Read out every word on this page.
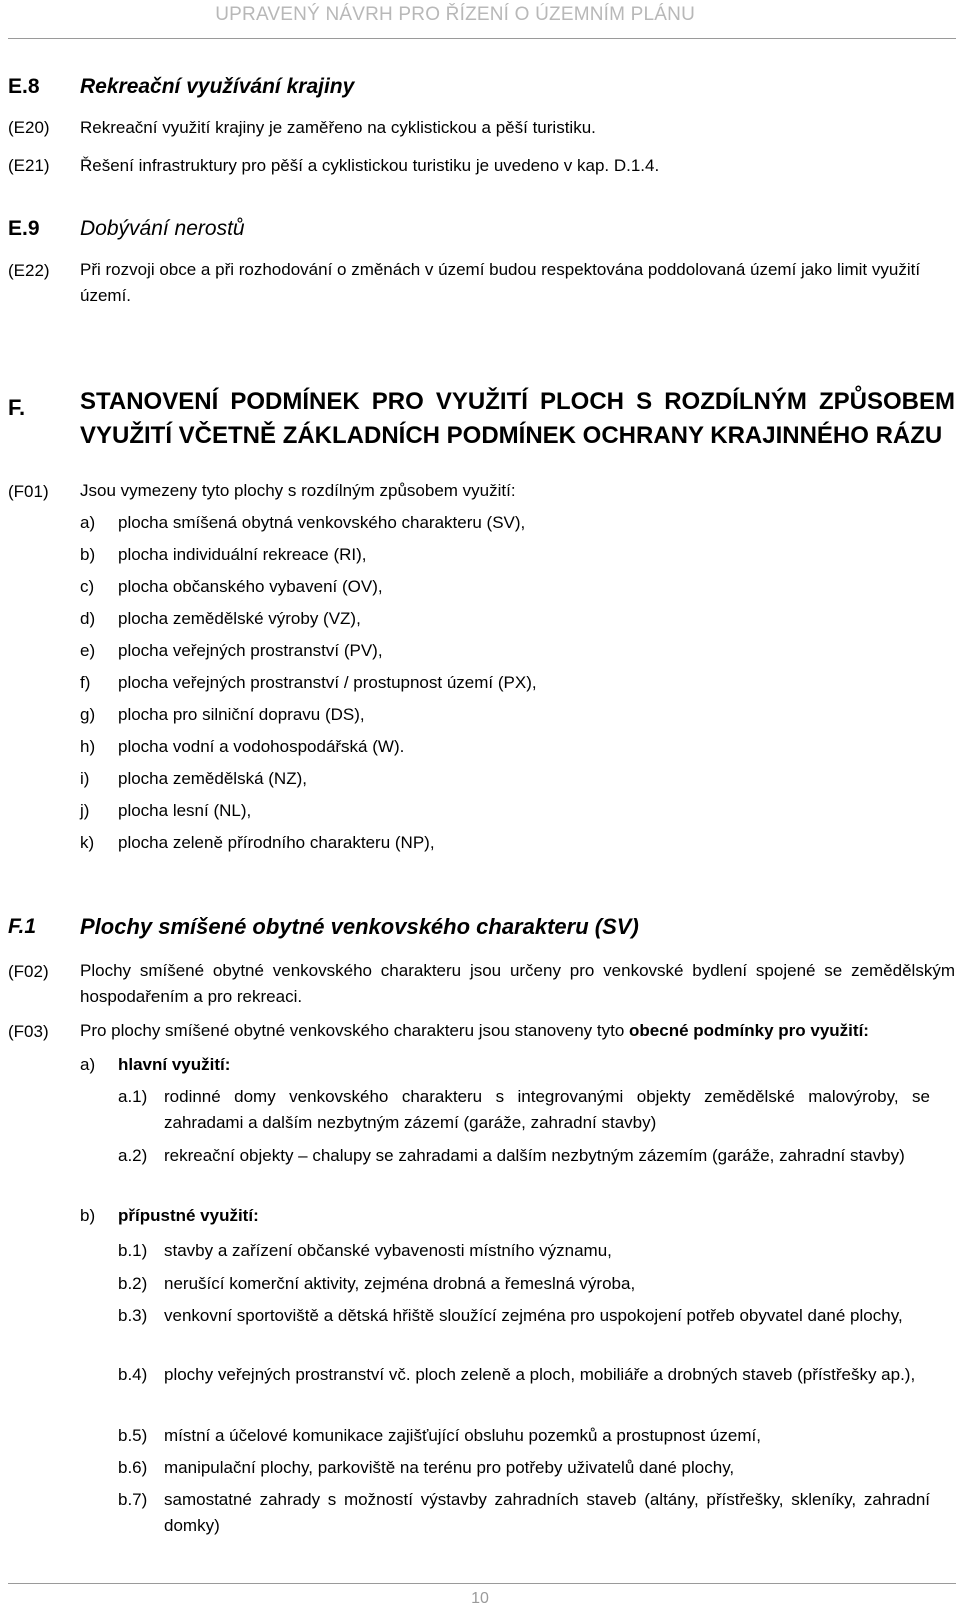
UPRAVENÝ NÁVRH PRO ŘÍZENÍ O ÚZEMNÍM PLÁNU
E.8 Rekreační využívání krajiny
(E20) Rekreační využití krajiny je zaměřeno na cyklistickou a pěší turistiku.
(E21) Řešení infrastruktury pro pěší a cyklistickou turistiku je uvedeno v kap. D.1.4.
E.9 Dobývání nerostů
(E22) Při rozvoji obce a při rozhodování o změnách v území budou respektována poddolovaná území jako limit využití území.
F. STANOVENÍ PODMÍNEK PRO VYUŽITÍ PLOCH S ROZDÍLNÝM ZPŮSOBEM VYUŽITÍ VČETNĚ ZÁKLADNÍCH PODMÍNEK OCHRANY KRAJINNÉHO RÁZU
(F01) Jsou vymezeny tyto plochy s rozdílným způsobem využití:
a) plocha smíšená obytná venkovského charakteru (SV),
b) plocha individuální rekreace (RI),
c) plocha občanského vybavení (OV),
d) plocha zemědělské výroby (VZ),
e) plocha veřejných prostranství (PV),
f) plocha veřejných prostranství / prostupnost území (PX),
g) plocha pro silniční dopravu (DS),
h) plocha vodní a vodohospodářská (W).
i) plocha zemědělská (NZ),
j) plocha lesní (NL),
k) plocha zeleně přírodního charakteru (NP),
F.1 Plochy smíšené obytné venkovského charakteru (SV)
(F02) Plochy smíšené obytné venkovského charakteru jsou určeny pro venkovské bydlení spojené se zemědělským hospodařením a pro rekreaci.
(F03) Pro plochy smíšené obytné venkovského charakteru jsou stanoveny tyto obecné podmínky pro využití:
a) hlavní využití:
a.1) rodinné domy venkovského charakteru s integrovanými objekty zemědělské malovýroby, se zahradami a dalším nezbytným zázemí (garáže, zahradní stavby)
a.2) rekreační objekty – chalupy se zahradami a dalším nezbytným zázemím (garáže, zahradní stavby)
b) přípustné využití:
b.1) stavby a zařízení občanské vybavenosti místního významu,
b.2) nerušící komerční aktivity, zejména drobná a řemeslná výroba,
b.3) venkovní sportoviště a dětská hřiště sloužící zejména pro uspokojení potřeb obyvatel dané plochy,
b.4) plochy veřejných prostranství vč. ploch zeleně a ploch, mobiliáře a drobných staveb (přístřešky ap.),
b.5) místní a účelové komunikace zajišťující obsluhu pozemků a prostupnost území,
b.6) manipulační plochy, parkoviště na terénu pro potřeby uživatelů dané plochy,
b.7) samostatné zahrady s možností výstavby zahradních staveb (altány, přístřešky, skleníky, zahradní domky)
10
